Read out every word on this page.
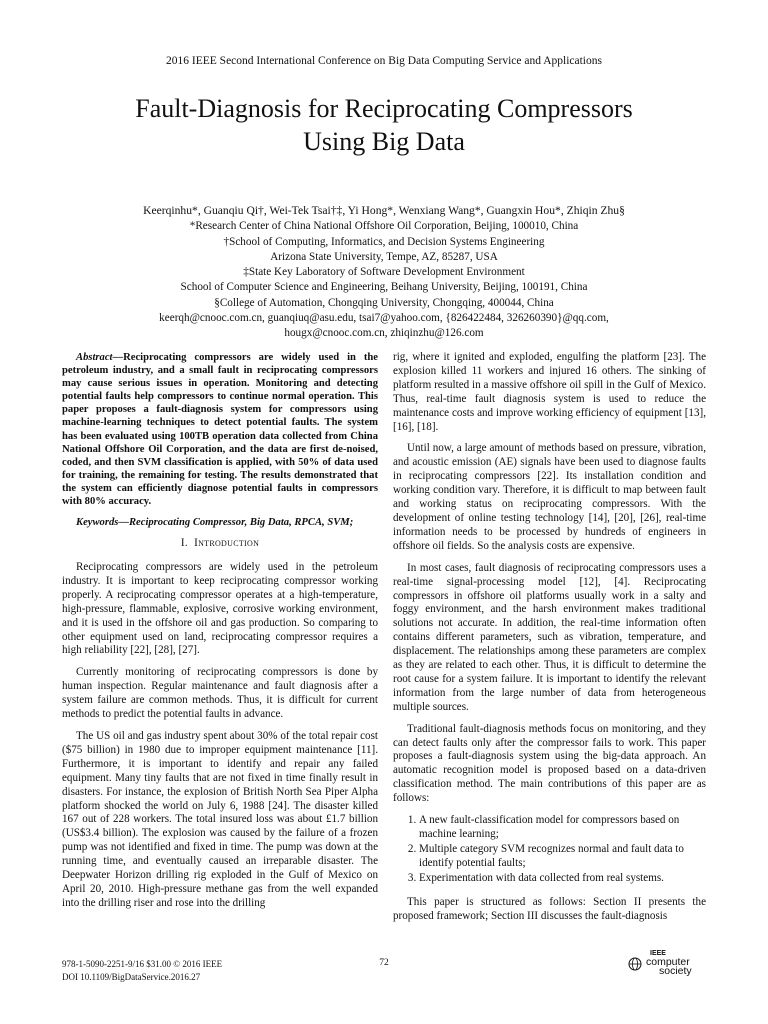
2016 IEEE Second International Conference on Big Data Computing Service and Applications
Fault-Diagnosis for Reciprocating Compressors
Using Big Data
Keerqinhu*, Guanqiu Qi†, Wei-Tek Tsai†‡, Yi Hong*, Wenxiang Wang*, Guangxin Hou*, Zhiqin Zhu§
*Research Center of China National Offshore Oil Corporation, Beijing, 100010, China
†School of Computing, Informatics, and Decision Systems Engineering
Arizona State University, Tempe, AZ, 85287, USA
‡State Key Laboratory of Software Development Environment
School of Computer Science and Engineering, Beihang University, Beijing, 100191, China
§College of Automation, Chongqing University, Chongqing, 400044, China
keerqh@cnooc.com.cn, guanqiuq@asu.edu, tsai7@yahoo.com, {826422484, 326260390}@qq.com,
hougx@cnooc.com.cn, zhiqinzhu@126.com

Abstract—Reciprocating compressors are widely used in the petroleum industry, and a small fault in reciprocating compressors may cause serious issues in operation. Monitoring and detecting potential faults help compressors to continue normal operation. This paper proposes a fault-diagnosis system for compressors using machine-learning techniques to detect potential faults. The system has been evaluated using 100TB operation data collected from China National Offshore Oil Corporation, and the data are first de-noised, coded, and then SVM classification is applied, with 50% of data used for training, the remaining for testing. The results demonstrated that the system can efficiently diagnose potential faults in compressors with 80% accuracy.

Keywords—Reciprocating Compressor, Big Data, RPCA, SVM;

I. Introduction

Reciprocating compressors are widely used in the petroleum industry. It is important to keep reciprocating compressor working properly. A reciprocating compressor operates at a high-temperature, high-pressure, flammable, explosive, corrosive working environment, and it is used in the offshore oil and gas production. So comparing to other equipment used on land, reciprocating compressor requires a high reliability [22], [28], [27].

Currently monitoring of reciprocating compressors is done by human inspection. Regular maintenance and fault diagnosis after a system failure are common methods. Thus, it is difficult for current methods to predict the potential faults in advance.

The US oil and gas industry spent about 30% of the total repair cost ($75 billion) in 1980 due to improper equipment maintenance [11]. Furthermore, it is important to identify and repair any failed equipment. Many tiny faults that are not fixed in time finally result in disasters. For instance, the explosion of British North Sea Piper Alpha platform shocked the world on July 6, 1988 [24]. The disaster killed 167 out of 228 workers. The total insured loss was about £1.7 billion (US$3.4 billion). The explosion was caused by the failure of a frozen pump was not identified and fixed in time. The pump was down at the running time, and eventually caused an irreparable disaster. The Deepwater Horizon drilling rig exploded in the Gulf of Mexico on April 20, 2010. High-pressure methane gas from the well expanded into the drilling riser and rose into the drilling

rig, where it ignited and exploded, engulfing the platform [23]. The explosion killed 11 workers and injured 16 others. The sinking of platform resulted in a massive offshore oil spill in the Gulf of Mexico. Thus, real-time fault diagnosis system is used to reduce the maintenance costs and improve working efficiency of equipment [13], [16], [18].

Until now, a large amount of methods based on pressure, vibration, and acoustic emission (AE) signals have been used to diagnose faults in reciprocating compressors [22]. Its installation condition and working condition vary. Therefore, it is difficult to map between fault and working status on reciprocating compressors. With the development of online testing technology [14], [20], [26], real-time information needs to be processed by hundreds of engineers in offshore oil fields. So the analysis costs are expensive.

In most cases, fault diagnosis of reciprocating compressors uses a real-time signal-processing model [12], [4]. Reciprocating compressors in offshore oil platforms usually work in a salty and foggy environment, and the harsh environment makes traditional solutions not accurate. In addition, the real-time information often contains different parameters, such as vibration, temperature, and displacement. The relationships among these parameters are complex as they are related to each other. Thus, it is difficult to determine the root cause for a system failure. It is important to identify the relevant information from the large number of data from heterogeneous multiple sources.

Traditional fault-diagnosis methods focus on monitoring, and they can detect faults only after the compressor fails to work. This paper proposes a fault-diagnosis system using the big-data approach. An automatic recognition model is proposed based on a data-driven classification method. The main contributions of this paper are as follows:

1. A new fault-classification model for compressors based on machine learning;
2. Multiple category SVM recognizes normal and fault data to identify potential faults;
3. Experimentation with data collected from real systems.

This paper is structured as follows: Section II presents the proposed framework; Section III discusses the fault-diagnosis

978-1-5090-2251-9/16 $31.00 © 2016 IEEE
DOI 10.1109/BigDataService.2016.27
72
IEEE
computer
society
